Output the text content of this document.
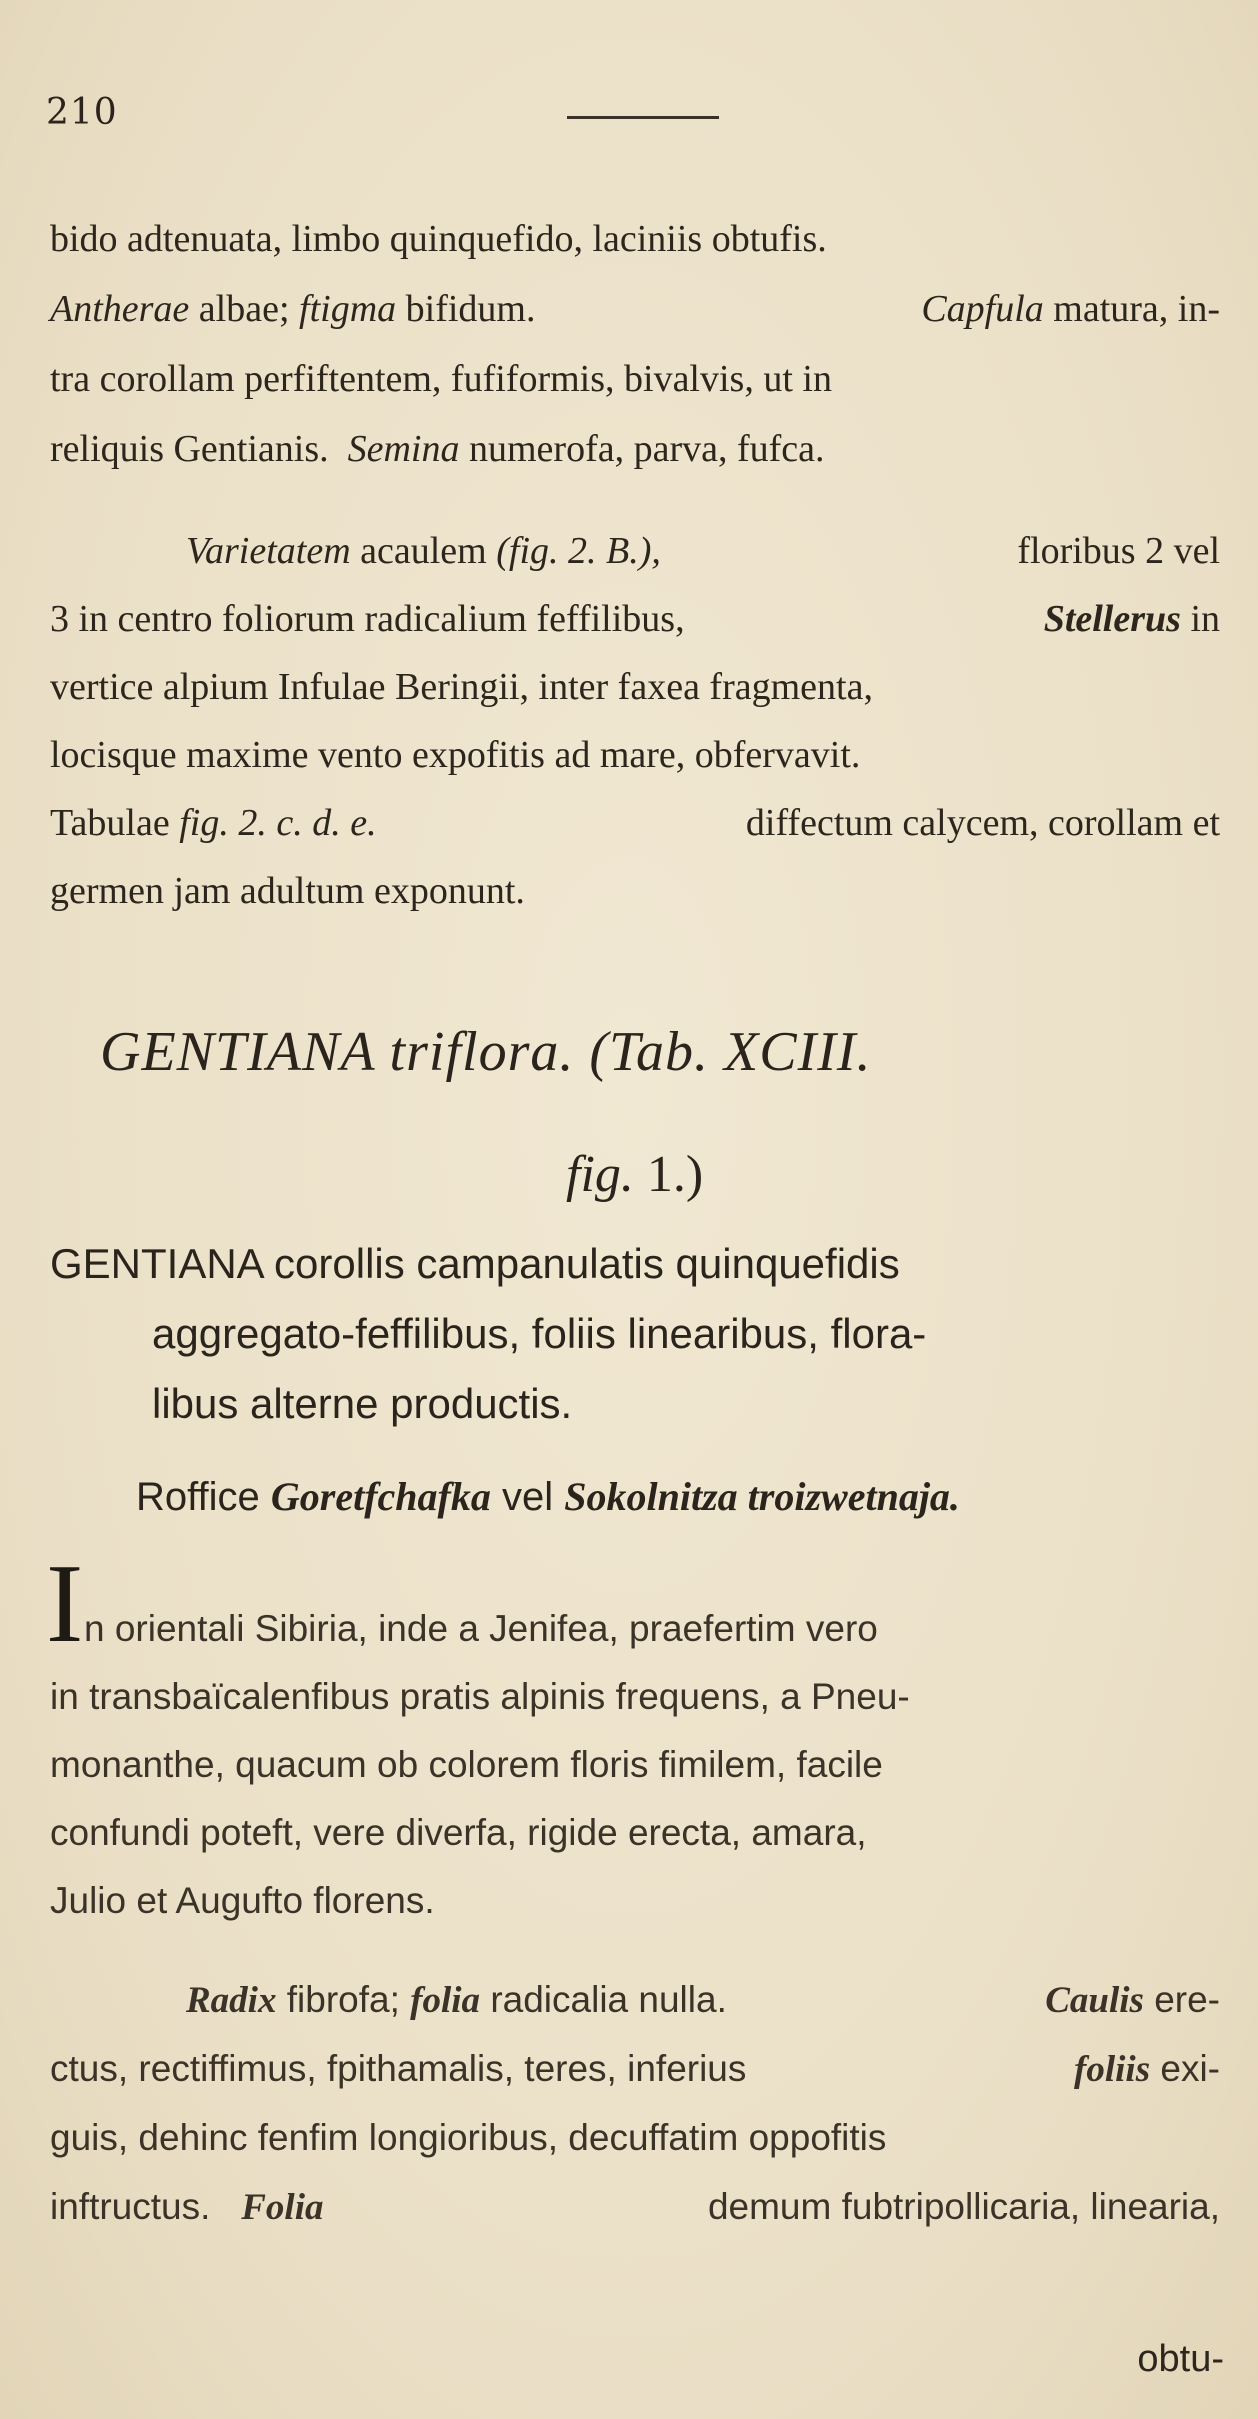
210
bido adtenuata, limbo quinquefido, laciniis obtufis.
Antherae albae; ftigma bifidum.	Capfula matura, in-
tra corollam perfiftentem, fufiformis, bivalvis, ut in
reliquis Gentianis. Semina numerofa, parva, fufca.
Varietatem acaulem (fig. 2. B.),	floribus 2 vel
3 in centro foliorum radicalium feffilibus,	Stellerus in
vertice alpium Infulae Beringii, inter faxea fragmenta,
locisque maxime vento expofitis ad mare, obfervavit.
Tabulae fig. 2. c. d. e.	diffectum calycem, corollam et
germen jam adultum exponunt.
GENTIANA triflora. (Tab. XCIII.
fig. 1.)
GENTIANA corollis campanulatis quinquefidis
aggregato-feffilibus, foliis linearibus, flora-
libus alterne productis.
Roffice Goretfchafka vel Sokolnitza troizwetnaja.
I n orientali Sibiria, inde a Jenifea, praefertim vero
in transbaïcalenfibus pratis alpinis frequens, a Pneu-
monanthe, quacum ob colorem floris fimilem, facile
confundi poteft, vere diverfa, rigide erecta, amara,
Julio et Augufto florens.
Radix fibrofa; folia radicalia nulla.	Caulis ere-
ctus, rectiffimus, fpithamalis, teres, inferius	foliis exi-
guis, dehinc fenfim longioribus, decuffatim oppofitis
inftructus. Folia	demum fubtripollicaria, linearia,
obtu-
